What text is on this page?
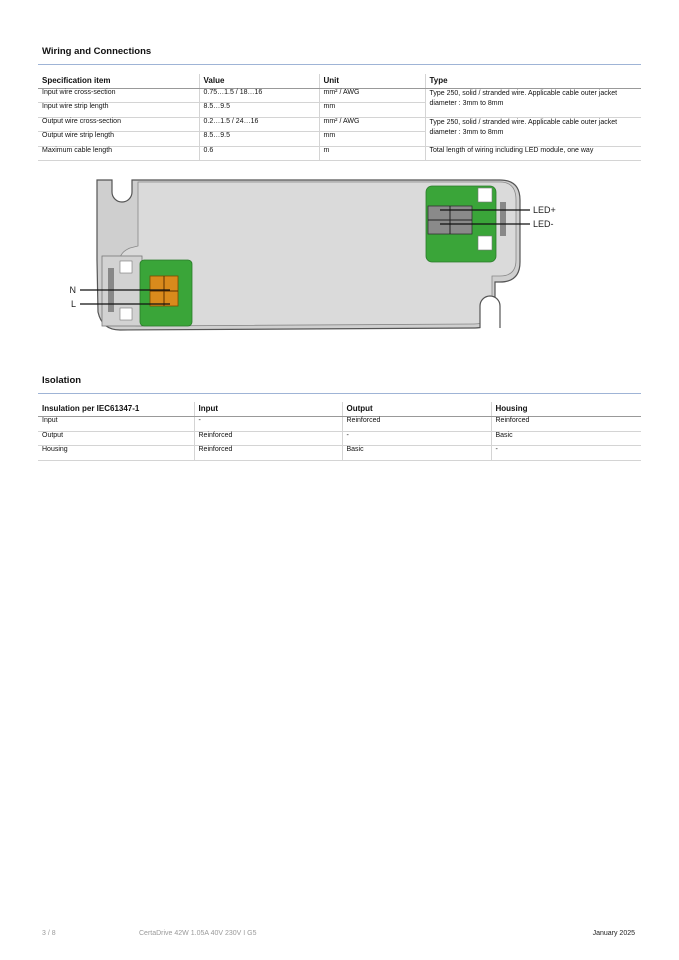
Wiring and Connections
Specification item	Value	Unit	Type
Input wire cross-section	0.75…1.5 / 18…16	mm² / AWG	Type 250, solid / stranded wire. Applicable cable outer jacket diameter : 3mm to 8mm
Input wire strip length	8.5…9.5	mm	
Output wire cross-section	0.2…1.5 / 24…16	mm² / AWG	Type 250, solid / stranded wire. Applicable cable outer jacket diameter : 3mm to 8mm
Output wire strip length	8.5…9.5	mm	
Maximum cable length	0.6	m	Total length of wiring including LED module, one way
N
L
LED+
LED-
Isolation
Insulation per IEC61347-1	Input	Output	Housing
Input	-	Reinforced	Reinforced
Output	Reinforced	-	Basic
Housing	Reinforced	Basic	-
3 / 8	CertaDrive 42W 1.05A 40V 230V I G5	January 2025
